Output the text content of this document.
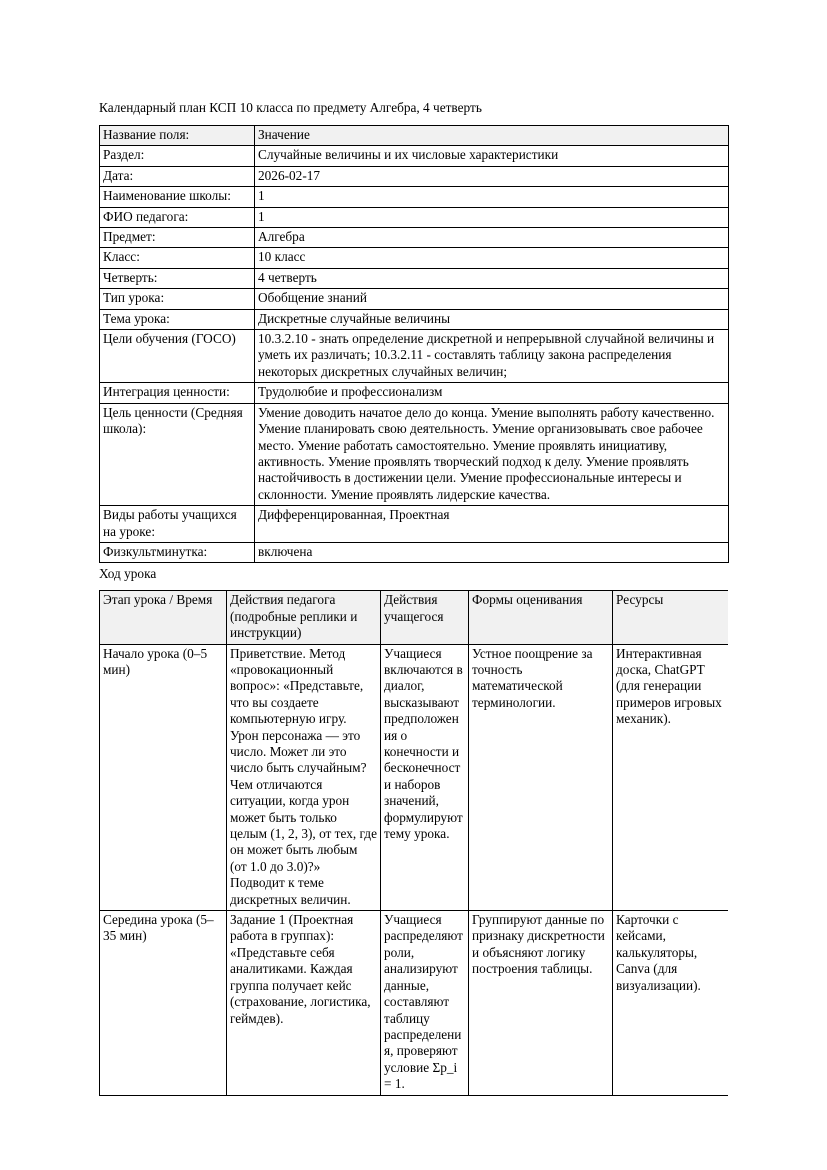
Календарный план КСП 10 класса по предмету Алгебра, 4 четверть
Название поля:	Значение
Раздел:	Случайные величины и их числовые характеристики
Дата:	2026-02-17
Наименование школы:	1
ФИО педагога:	1
Предмет:	Алгебра
Класс:	10 класс
Четверть:	4 четверть
Тип урока:	Обобщение знаний
Тема урока:	Дискретные случайные величины
Цели обучения (ГОСО)	10.3.2.10 - знать определение дискретной и непрерывной случайной величины и уметь их различать; 10.3.2.11 - составлять таблицу закона распределения некоторых дискретных случайных величин;
Интеграция ценности:	Трудолюбие и профессионализм
Цель ценности (Средняя школа):	Умение доводить начатое дело до конца. Умение выполнять работу качественно. Умение планировать свою деятельность. Умение организовывать свое рабочее место. Умение работать самостоятельно. Умение проявлять инициативу, активность. Умение проявлять творческий подход к делу. Умение проявлять настойчивость в достижении цели. Умение профессиональные интересы и склонности. Умение проявлять лидерские качества.
Виды работы учащихся на уроке:	Дифференцированная, Проектная
Физкультминутка:	включена
Ход урока
Этап урока / Время	Действия педагога (подробные реплики и инструкции)	Действия учащегося	Формы оценивания	Ресурсы
Начало урока (0–5 мин)	Приветствие. Метод «провокационный вопрос»: «Представьте, что вы создаете компьютерную игру. Урон персонажа — это число. Может ли это число быть случайным? Чем отличаются ситуации, когда урон может быть только целым (1, 2, 3), от тех, где он может быть любым (от 1.0 до 3.0)?» Подводит к теме дискретных величин.	Учащиеся включаются в диалог, высказывают предположения о конечности и бесконечности наборов значений, формулируют тему урока.	Устное поощрение за точность математической терминологии.	Интерактивная доска, ChatGPT (для генерации примеров игровых механик).
Середина урока (5–35 мин)	Задание 1 (Проектная работа в группах): «Представьте себя аналитиками. Каждая группа получает кейс (страхование, логистика, геймдев).	Учащиеся распределяют роли, анализируют данные, составляют таблицу распределения, проверяют условие Σp_i = 1.	Группируют данные по признаку дискретности и объясняют логику построения таблицы.	Карточки с кейсами, калькуляторы, Canva (для визуализации).
